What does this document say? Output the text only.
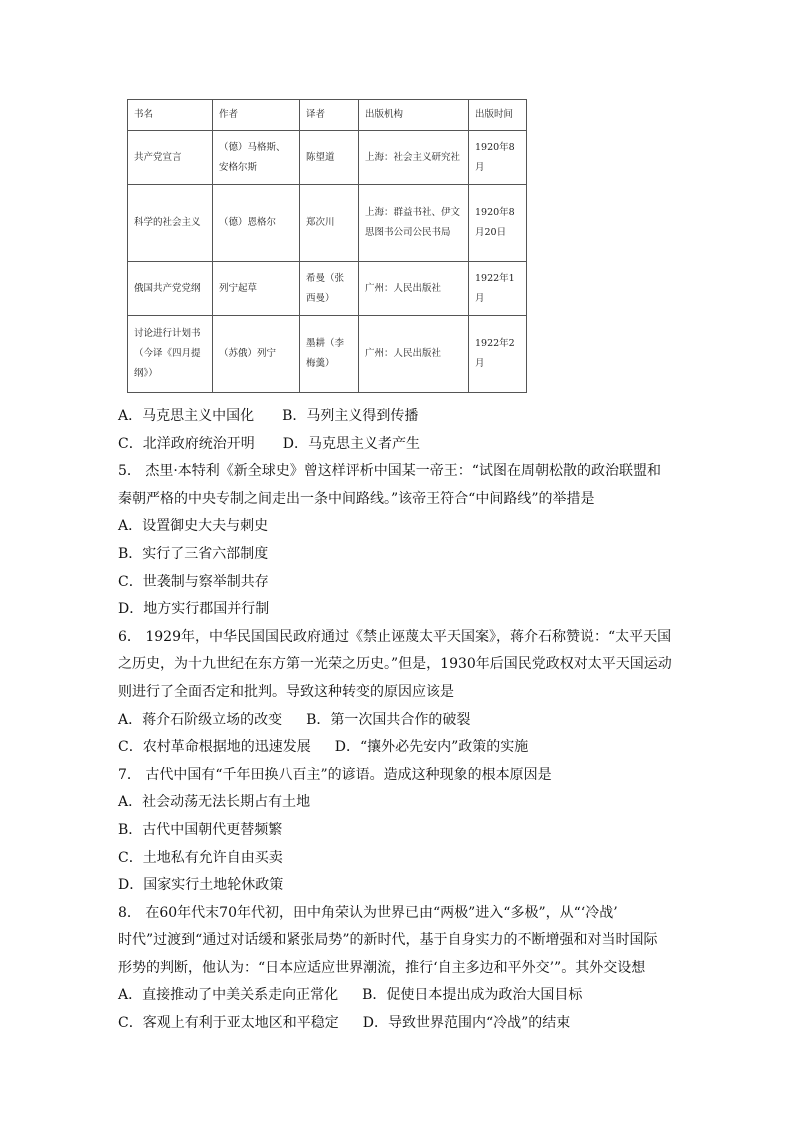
书名	作者	译者	出版机构	出版时间
共产党宣言	（德）马格斯、安格尔斯	陈望道	上海：社会主义研究社	1920年8月
科学的社会主义	（德）恩格尔	郑次川	上海：群益书社、伊文思图书公司公民书局	1920年8月20日
俄国共产党党纲	列宁起草	希曼（张西曼）	广州：人民出版社	1922年1月
讨论进行计划书（今译《四月提纲》）	（苏俄）列宁	墨耕（李梅羹）	广州：人民出版社	1922年2月
A．马克思主义中国化 B．马列主义得到传播
C．北洋政府统治开明 D．马克思主义者产生
5． 杰里·本特利《新全球史》曾这样评析中国某一帝王：“试图在周朝松散的政治联盟和
秦朝严格的中央专制之间走出一条中间路线。”该帝王符合“中间路线”的举措是
A．设置御史大夫与刺史
B．实行了三省六部制度
C．世袭制与察举制共存
D．地方实行郡国并行制
6． 1929年，中华民国国民政府通过《禁止诬蔑太平天国案》，蒋介石称赞说：“太平天国
之历史，为十九世纪在东方第一光荣之历史。”但是，1930年后国民党政权对太平天国运动
则进行了全面否定和批判。导致这种转变的原因应该是
A．蒋介石阶级立场的改变 B．第一次国共合作的破裂
C．农村革命根据地的迅速发展 D．“攘外必先安内”政策的实施
7． 古代中国有“千年田换八百主”的谚语。造成这种现象的根本原因是
A．社会动荡无法长期占有土地
B．古代中国朝代更替频繁
C．土地私有允许自由买卖
D．国家实行土地轮休政策
8． 在60年代末70年代初，田中角荣认为世界已由“两极”进入“多极”，从“‘冷战’
时代”过渡到“通过对话缓和紧张局势”的新时代，基于自身实力的不断增强和对当时国际
形势的判断，他认为：“日本应适应世界潮流，推行‘自主多边和平外交’”。其外交设想
A．直接推动了中美关系走向正常化 B．促使日本提出成为政治大国目标
C．客观上有利于亚太地区和平稳定 D．导致世界范围内“冷战”的结束
